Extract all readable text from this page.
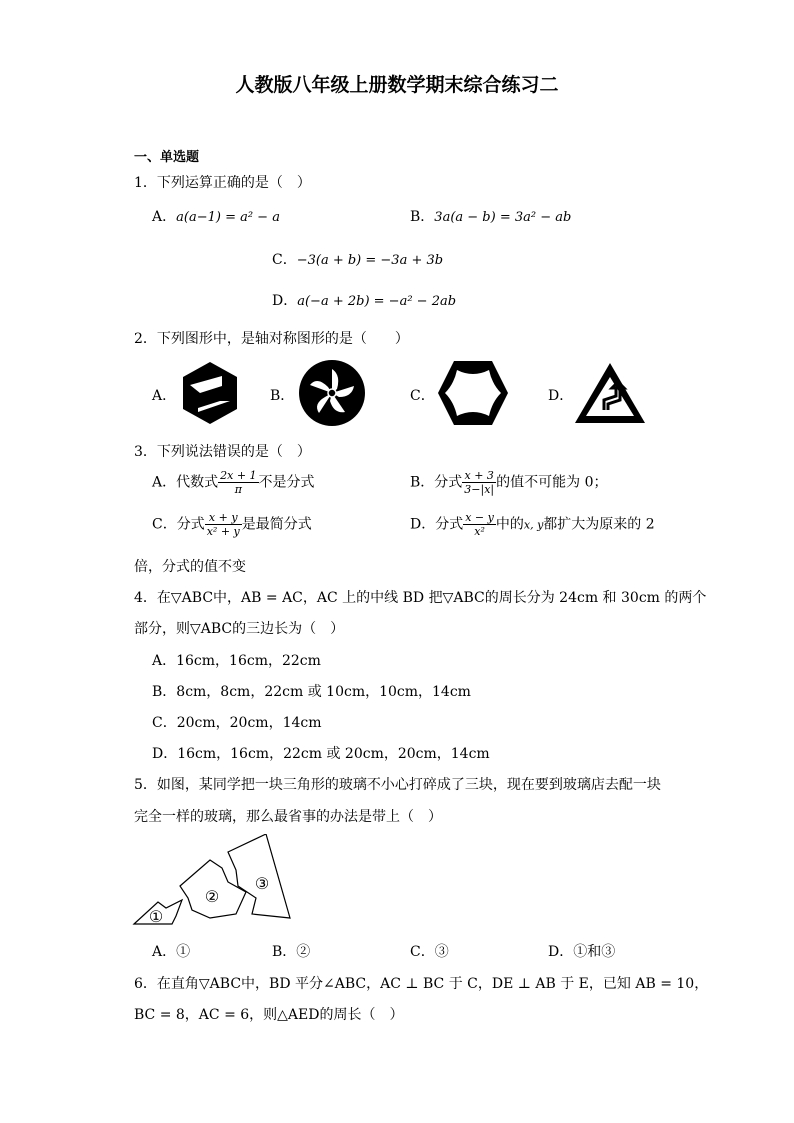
人教版八年级上册数学期末综合练习二
一、单选题
1．下列运算正确的是（　）
A．a(a−1) = a² − a	B．3a(a − b) = 3a² − ab
C．−3(a + b) = −3a + 3b
D．a(−a + 2b) = −a² − 2ab
2．下列图形中，是轴对称图形的是（　　）
A．	B．	C．	D．
3．下列说法错误的是（　）
A．代数式 $\frac{2x + 1}{\pi}$ 不是分式	B．分式 $\frac{x + 3}{3-|x|}$ 的值不可能为 0；
C．分式 $\frac{x + y}{\text{x² + y}}$ 是最简分式	D．分式 $\frac{x - y}{\text{x²}}$ 中的x, y都扩大为原来的 2
倍，分式的值不变
4．在▽ABC中，AB = AC，AC 上的中线 BD 把▽ABC的周长分为 24cm 和 30cm 的两个
部分，则▽ABC的三边长为（　）
A．16cm，16cm，22cm
B．8cm，8cm，22cm 或 10cm，10cm，14cm
C．20cm，20cm，14cm
D．16cm，16cm，22cm 或 20cm，20cm，14cm
5．如图，某同学把一块三角形的玻璃不小心打碎成了三块，现在要到玻璃店去配一块
完全一样的玻璃，那么最省事的办法是带上（　）
①
②
③
A．①	B．②	C．③	D．①和③
6．在直角▽ABC中，BD 平分∠ABC，AC ⊥ BC 于 C，DE ⊥ AB 于 E，已知 AB = 10，
BC = 8，AC = 6，则△AED的周长（　）
